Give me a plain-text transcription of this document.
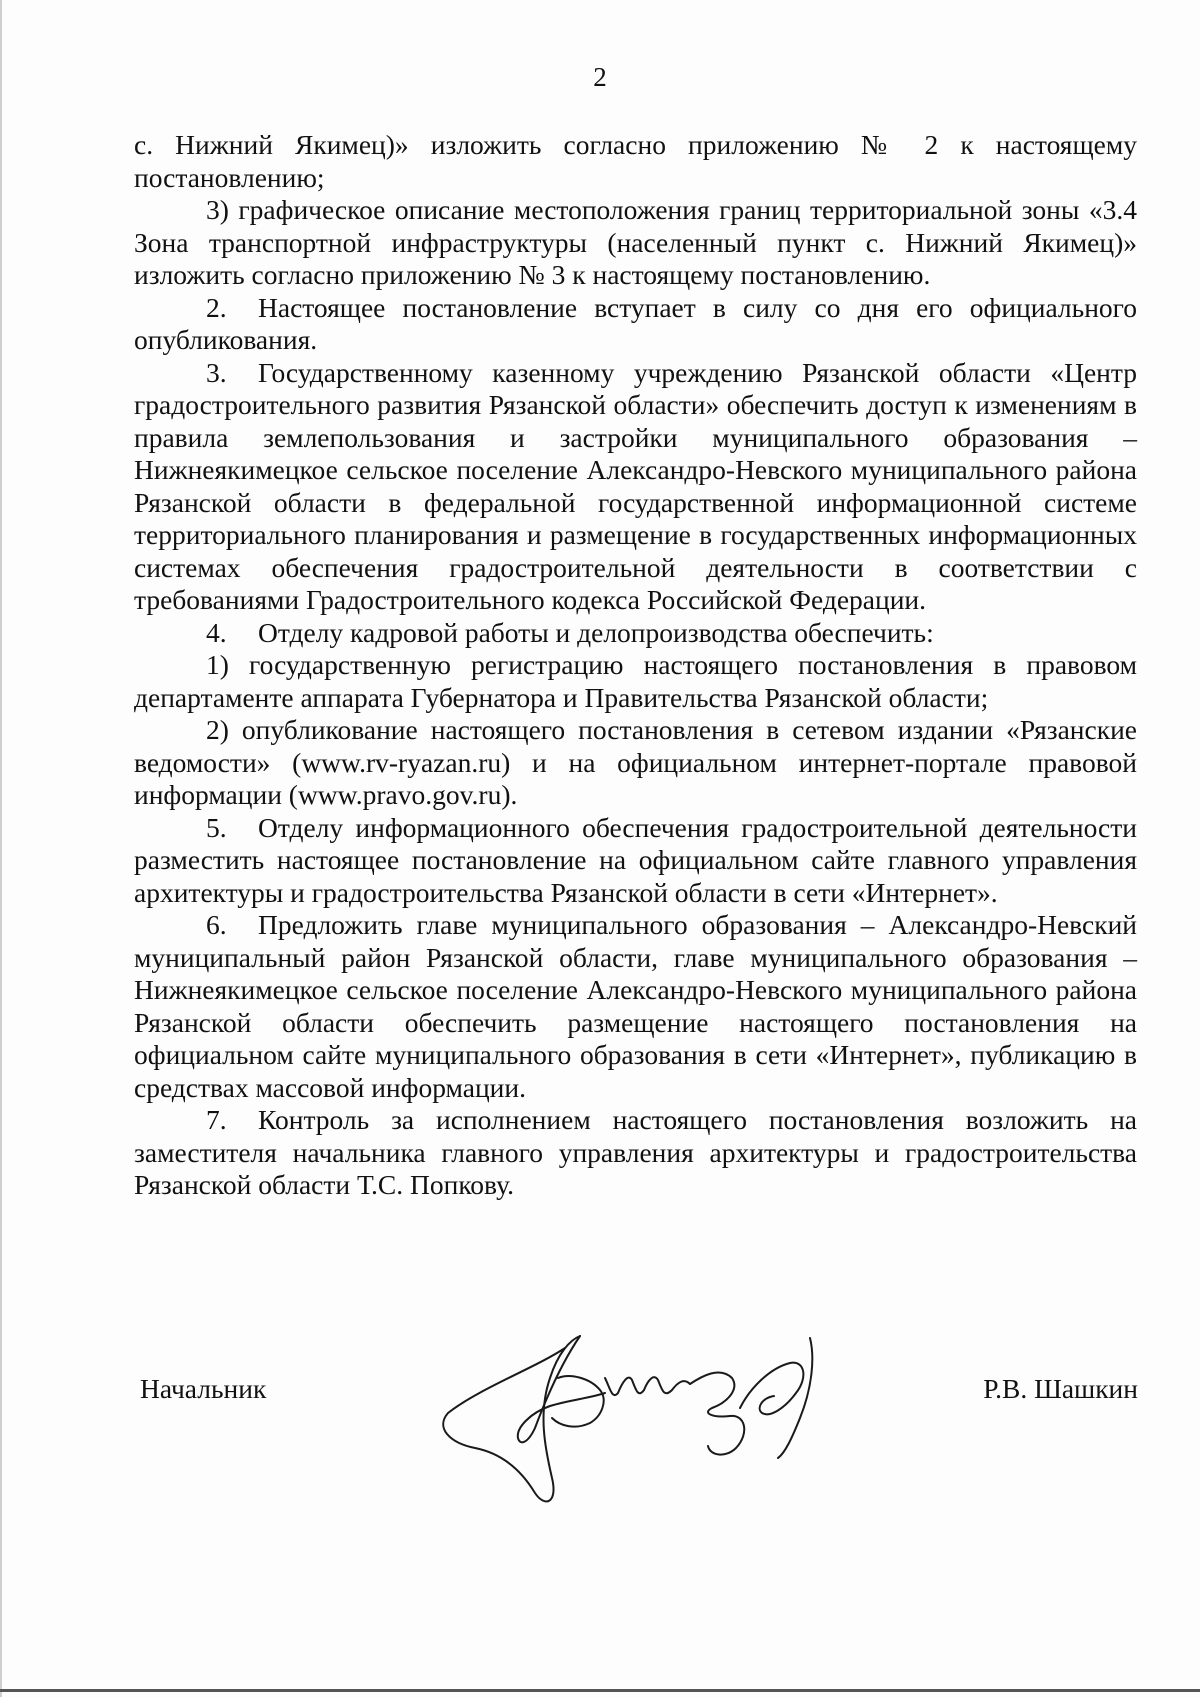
2

с. Нижний Якимец)» изложить согласно приложению № 2 к настоящему постановлению;

3) графическое описание местоположения границ территориальной зоны «3.4 Зона транспортной инфраструктуры (населенный пункт с. Нижний Якимец)» изложить согласно приложению № 3 к настоящему постановлению.

2. Настоящее постановление вступает в силу со дня его официального опубликования.

3. Государственному казенному учреждению Рязанской области «Центр градостроительного развития Рязанской области» обеспечить доступ к изменениям в правила землепользования и застройки муниципального образования – Нижнеякимецкое сельское поселение Александро-Невского муниципального района Рязанской области в федеральной государственной информационной системе территориального планирования и размещение в государственных информационных системах обеспечения градостроительной деятельности в соответствии с требованиями Градостроительного кодекса Российской Федерации.

4. Отделу кадровой работы и делопроизводства обеспечить:

1) государственную регистрацию настоящего постановления в правовом департаменте аппарата Губернатора и Правительства Рязанской области;

2) опубликование настоящего постановления в сетевом издании «Рязанские ведомости» (www.rv-ryazan.ru) и на официальном интернет-портале правовой информации (www.pravo.gov.ru).

5. Отделу информационного обеспечения градостроительной деятельности разместить настоящее постановление на официальном сайте главного управления архитектуры и градостроительства Рязанской области в сети «Интернет».

6. Предложить главе муниципального образования – Александро-Невский муниципальный район Рязанской области, главе муниципального образования – Нижнеякимецкое сельское поселение Александро-Невского муниципального района Рязанской области обеспечить размещение настоящего постановления на официальном сайте муниципального образования в сети «Интернет», публикацию в средствах массовой информации.

7. Контроль за исполнением настоящего постановления возложить на заместителя начальника главного управления архитектуры и градостроительства Рязанской области Т.С. Попкову.

Начальник	Р.В. Шашкин
